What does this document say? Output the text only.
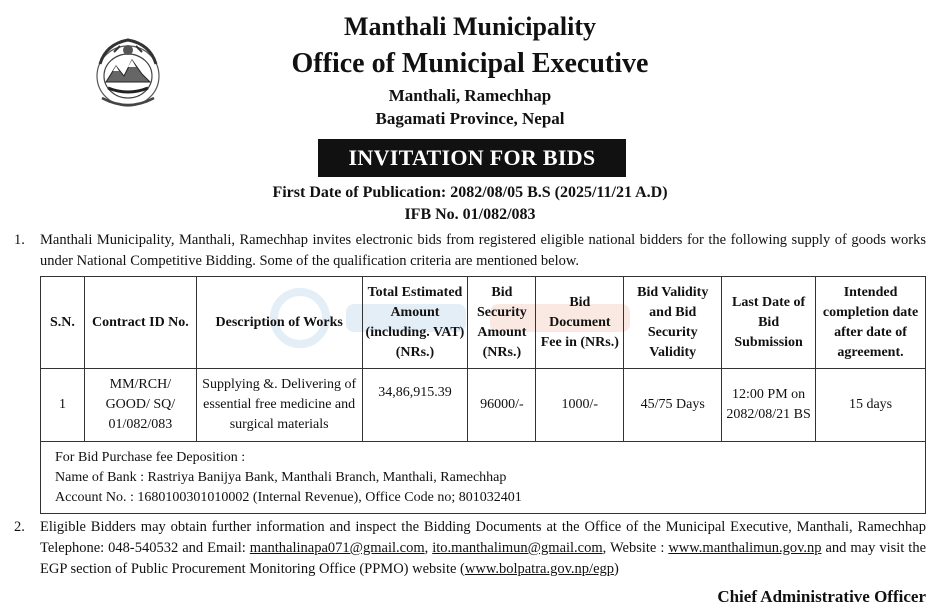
Manthali Municipality
Office of Municipal Executive
Manthali, Ramechhap
Bagamati Province, Nepal
INVITATION FOR BIDS
First Date of Publication: 2082/08/05 B.S (2025/11/21 A.D)
IFB No. 01/082/083
1. Manthali Municipality, Manthali, Ramechhap invites electronic bids from registered eligible national bidders for the following supply of goods works under National Competitive Bidding. Some of the qualification criteria are mentioned below.
S.N.	Contract ID No.	Description of Works	Total Estimated Amount (including. VAT) (NRs.)	Bid Security Amount (NRs.)	Bid Document Fee in (NRs.)	Bid Validity and Bid Security Validity	Last Date of Bid Submission	Intended completion date after date of agreement.
1	MM/RCH/ GOOD/ SQ/ 01/082/083	Supplying &. Delivering of essential free medicine and surgical materials	34,86,915.39	96000/-	1000/-	45/75 Days	12:00 PM on 2082/08/21 BS	15 days

For Bid Purchase fee Deposition :
Name of Bank : Rastriya Banijya Bank, Manthali Branch, Manthali, Ramechhap
Account No. : 1680100301010002 (Internal Revenue), Office Code no; 801032401								
2. Eligible Bidders may obtain further information and inspect the Bidding Documents at the Office of the Municipal Executive, Manthali, Ramechhap Telephone: 048-540532 and Email: manthalinapa071@gmail.com, ito.manthalimun@gmail.com, Website : www.manthalimun.gov.np and may visit the EGP section of Public Procurement Monitoring Office (PPMO) website (www.bolpatra.gov.np/egp)
Chief Administrative Officer
